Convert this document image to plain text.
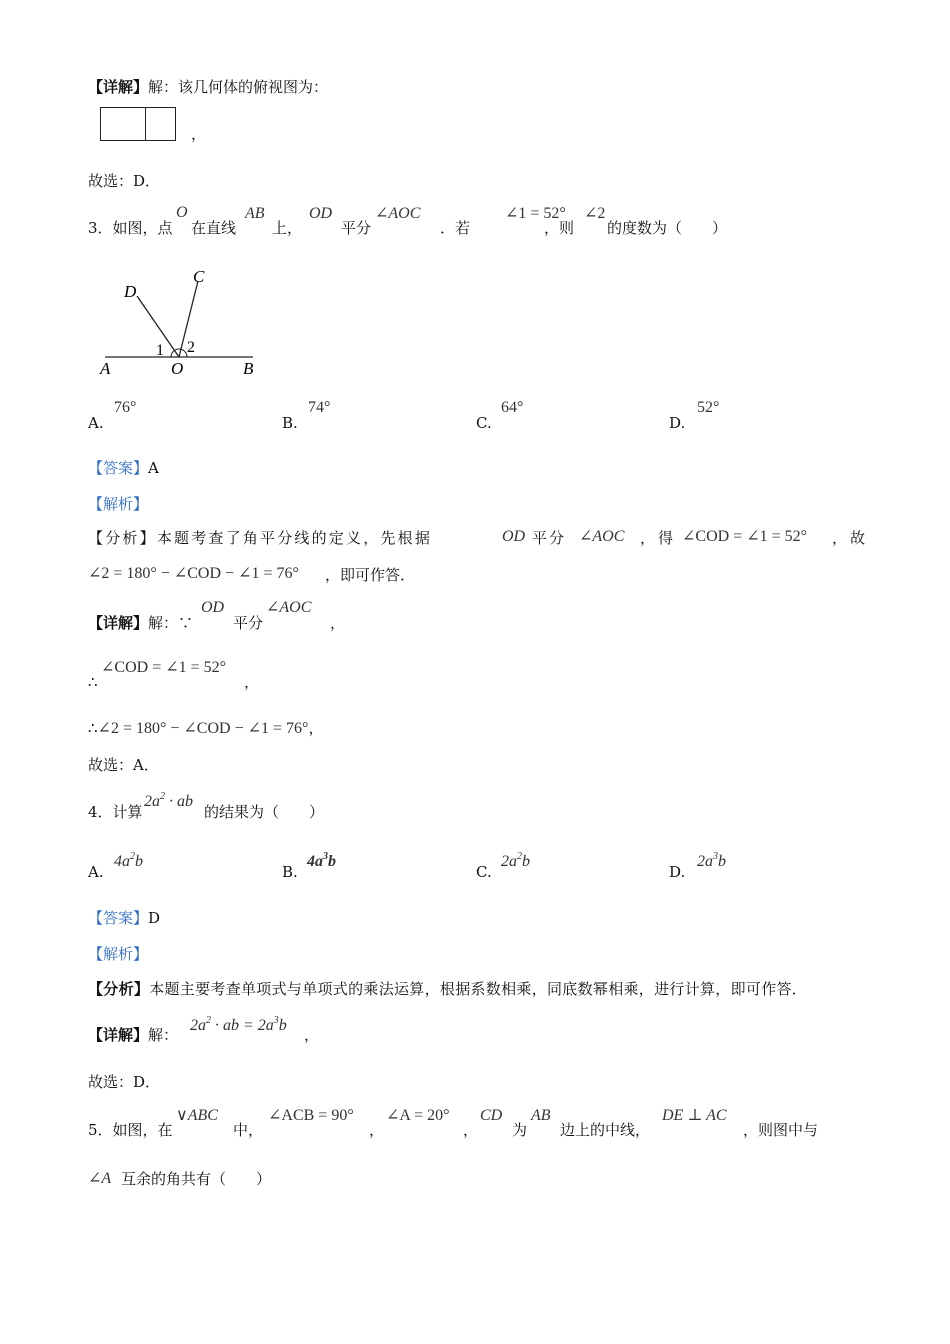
【详解】解：该几何体的俯视图为：
，
故选：D．
3．如图，点
O
在直线
AB
上，
OD
平分
∠AOC
．若
∠1 = 52°
，则
∠2
的度数为（　　）
D
C
1 2
A	O	B
A.
76°
B.
74°
C.
64°
D.
52°
【答案】A
【解析】
【分析】本题考查了角平分线的定义，先根据	OD 平分 ∠AOC ，得 ∠COD = ∠1 = 52° ，故
∠2 = 180° − ∠COD − ∠1 = 76° ，即可作答．
【详解】解：∵
OD
平分
∠AOC
，
∴
∠COD = ∠1 = 52°
，
∴∠2 = 180° − ∠COD − ∠1 = 76°，
故选：A．
4．计算
$2a^2$ · ab
的结果为（　　）
A.
$4a^2b$
B.
$4a^3b$
C.
$2a^2b$
D.
$2a^3b$
【答案】D
【解析】
【分析】本题主要考查单项式与单项式的乘法运算，根据系数相乘，同底数幂相乘，进行计算，即可作答．
【详解】解：
$2a^2$ · ab = $2a^3b$
，
故选：D．
5．如图，在
∨ABC
中，
∠ACB = 90°
，
∠A = 20°
，
CD
为
AB
边上的中线，
DE ⊥ AC
，则图中与
∠A 互余的角共有（　　）
